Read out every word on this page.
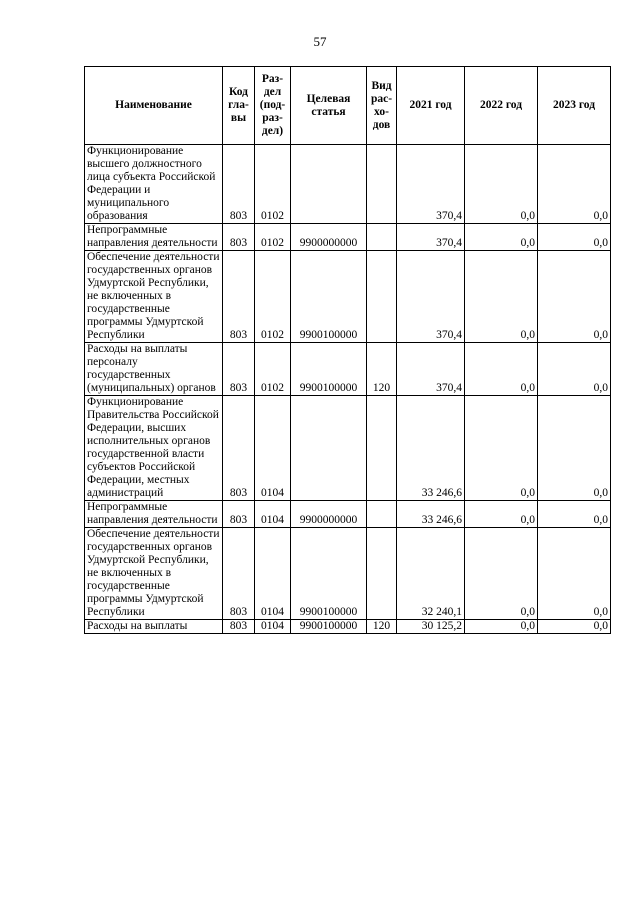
57
Наименование	Код гла- вы	Раз- дел (под- раз- дел)	Целевая статья	Вид рас- хо- дов	2021 год	2022 год	2023 год
Функционирование высшего должностного лица субъекта Российской Федерации и муниципального образования	803	0102			370,4	0,0	0,0
Непрограммные направления деятельности	803	0102	9900000000		370,4	0,0	0,0
Обеспечение деятельности государственных органов Удмуртской Республики, не включенных в государственные программы Удмуртской Республики	803	0102	9900100000		370,4	0,0	0,0
Расходы на выплаты персоналу государственных (муниципальных) органов	803	0102	9900100000	120	370,4	0,0	0,0
Функционирование Правительства Российской Федерации, высших исполнительных органов государственной власти субъектов Российской Федерации, местных администраций	803	0104			33 246,6	0,0	0,0
Непрограммные направления деятельности	803	0104	9900000000		33 246,6	0,0	0,0
Обеспечение деятельности государственных органов Удмуртской Республики, не включенных в государственные программы Удмуртской Республики	803	0104	9900100000		32 240,1	0,0	0,0
Расходы на выплаты	803	0104	9900100000	120	30 125,2	0,0	0,0
